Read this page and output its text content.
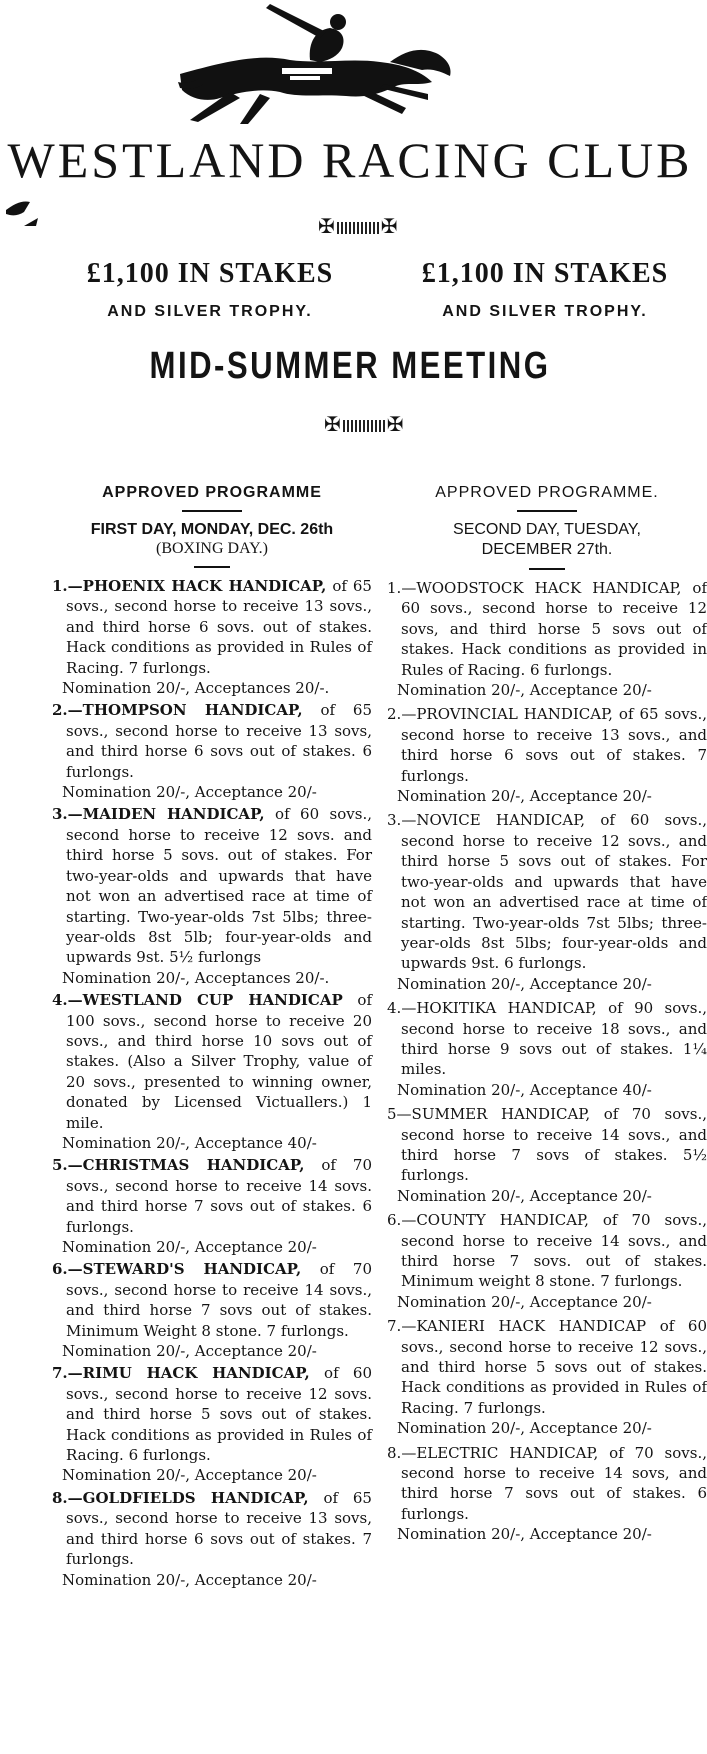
WESTLAND RACING CLUB
✠ ✠
£1,100 IN STAKES	£1,100 IN STAKES
AND SILVER TROPHY.	AND SILVER TROPHY.
MID-SUMMER MEETING
✠ ✠
APPROVED PROGRAMME
FIRST DAY, MONDAY, DEC. 26th
(BOXING DAY.)

1.—PHOENIX HACK HANDICAP, of 65 sovs., second horse to receive 13 sovs., and third horse 6 sovs. out of stakes. Hack conditions as provided in Rules of Racing. 7 furlongs.

Nomination 20/-, Acceptances 20/-.

2.—THOMPSON HANDICAP, of 65 sovs., second horse to receive 13 sovs, and third horse 6 sovs out of stakes. 6 furlongs.

Nomination 20/-, Acceptance 20/-

3.—MAIDEN HANDICAP, of 60 sovs., second horse to receive 12 sovs. and third horse 5 sovs. out of stakes. For two-year-olds and upwards that have not won an advertised race at time of starting. Two-year-olds 7st 5lbs; three-year-olds 8st 5lb; four-year-olds and upwards 9st. 5½ furlongs

Nomination 20/-, Acceptances 20/-.

4.—WESTLAND CUP HANDICAP of 100 sovs., second horse to receive 20 sovs., and third horse 10 sovs out of stakes. (Also a Silver Trophy, value of 20 sovs., presented to winning owner, donated by Licensed Victuallers.) 1 mile.

Nomination 20/-, Acceptance 40/-

5.—CHRISTMAS HANDICAP, of 70 sovs., second horse to receive 14 sovs. and third horse 7 sovs out of stakes. 6 furlongs.

Nomination 20/-, Acceptance 20/-

6.—STEWARD'S HANDICAP, of 70 sovs., second horse to receive 14 sovs., and third horse 7 sovs out of stakes. Minimum Weight 8 stone. 7 furlongs.

Nomination 20/-, Acceptance 20/-

7.—RIMU HACK HANDICAP, of 60 sovs., second horse to receive 12 sovs. and third horse 5 sovs out of stakes. Hack conditions as provided in Rules of Racing. 6 furlongs.

Nomination 20/-, Acceptance 20/-

8.—GOLDFIELDS HANDICAP, of 65 sovs., second horse to receive 13 sovs, and third horse 6 sovs out of stakes. 7 furlongs.

Nomination 20/-, Acceptance 20/-

APPROVED PROGRAMME.
SECOND DAY, TUESDAY,
DECEMBER 27th.

1.—WOODSTOCK HACK HANDICAP, of 60 sovs., second horse to receive 12 sovs, and third horse 5 sovs out of stakes. Hack conditions as provided in Rules of Racing. 6 furlongs.

Nomination 20/-, Acceptance 20/-

2.—PROVINCIAL HANDICAP, of 65 sovs., second horse to receive 13 sovs., and third horse 6 sovs out of stakes. 7 furlongs.

Nomination 20/-, Acceptance 20/-

3.—NOVICE HANDICAP, of 60 sovs., second horse to receive 12 sovs., and third horse 5 sovs out of stakes. For two-year-olds and upwards that have not won an advertised race at time of starting. Two-year-olds 7st 5lbs; three-year-olds 8st 5lbs; four-year-olds and upwards 9st. 6 furlongs.

Nomination 20/-, Acceptance 20/-

4.—HOKITIKA HANDICAP, of 90 sovs., second horse to receive 18 sovs., and third horse 9 sovs out of stakes. 1¼ miles.

Nomination 20/-, Acceptance 40/-

5—SUMMER HANDICAP, of 70 sovs., second horse to receive 14 sovs., and third horse 7 sovs of stakes. 5½ furlongs.

Nomination 20/-, Acceptance 20/-

6.—COUNTY HANDICAP, of 70 sovs., second horse to receive 14 sovs., and third horse 7 sovs. out of stakes. Minimum weight 8 stone. 7 furlongs.

Nomination 20/-, Acceptance 20/-

7.—KANIERI HACK HANDICAP of 60 sovs., second horse to receive 12 sovs., and third horse 5 sovs out of stakes. Hack conditions as provided in Rules of Racing. 7 furlongs.

Nomination 20/-, Acceptance 20/-

8.—ELECTRIC HANDICAP, of 70 sovs., second horse to receive 14 sovs, and third horse 7 sovs out of stakes. 6 furlongs.

Nomination 20/-, Acceptance 20/-
